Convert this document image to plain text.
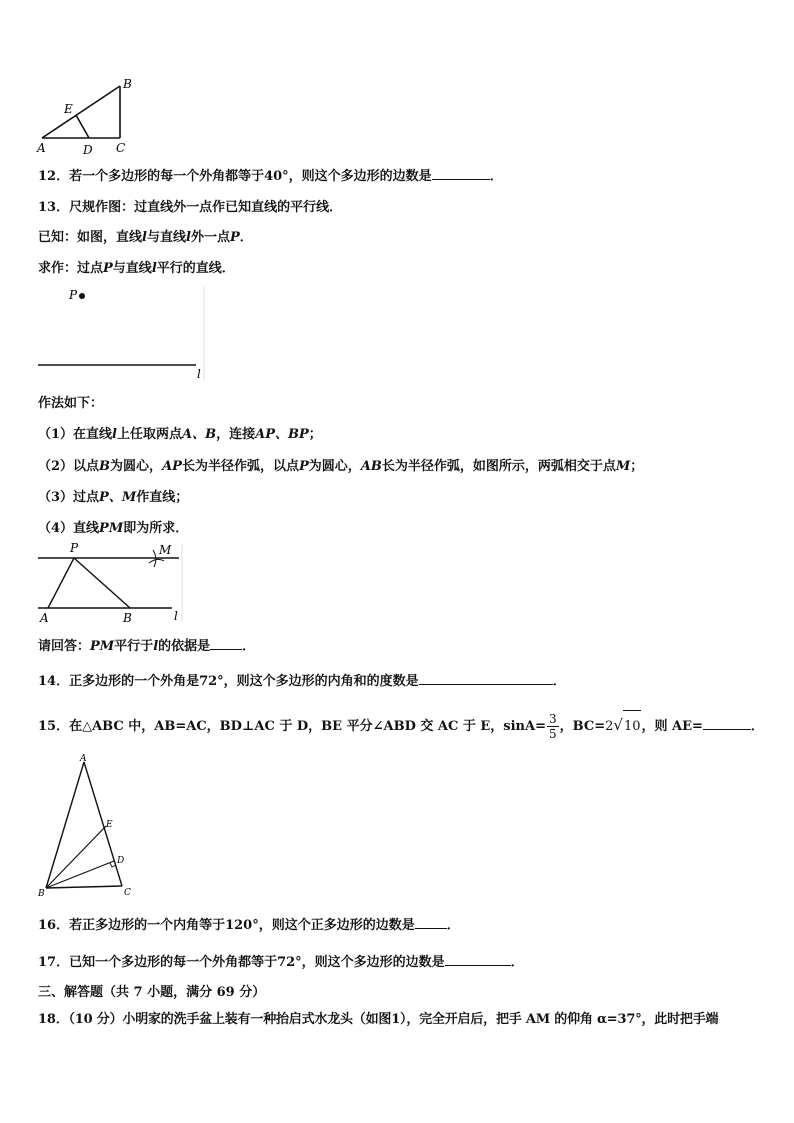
B
E
A	D C
12．若一个多边形的每一个外角都等于40°，则这个多边形的边数是	．
13．尺规作图：过直线外一点作已知直线的平行线．
已知：如图，直线l与直线l外一点P．
求作：过点P与直线l平行的直线．
P
l
作法如下：
（1）在直线l上任取两点A、B，连接AP、BP；
（2）以点B为圆心，AP长为半径作弧，以点P为圆心，AB长为半径作弧，如图所示，两弧相交于点M；
（3）过点P、M作直线；
（4）直线PM即为所求．
P	M
A	B	l
请回答：PM平行于l的依据是 ．
14．正多边形的一个外角是72°，则这个多边形的内角和的度数是	．
15．在△ABC 中，AB=AC，BD⊥AC 于 D，BE 平分∠ABD 交 AC 于 E，$\sin A= \frac{3}{5}$ ，BC=2√10，则 AE=	．
A
E
D
B	C
16．若正多边形的一个内角等于120°，则这个正多边形的边数是 ．
17．已知一个多边形的每一个外角都等于72°，则这个多边形的边数是	．
三、解答题（共 7 小题，满分 69 分）
18．（10 分）小明家的洗手盆上装有一种抬启式水龙头（如图1），完全开启后，把手 AM 的仰角 α=37°，此时把手端
